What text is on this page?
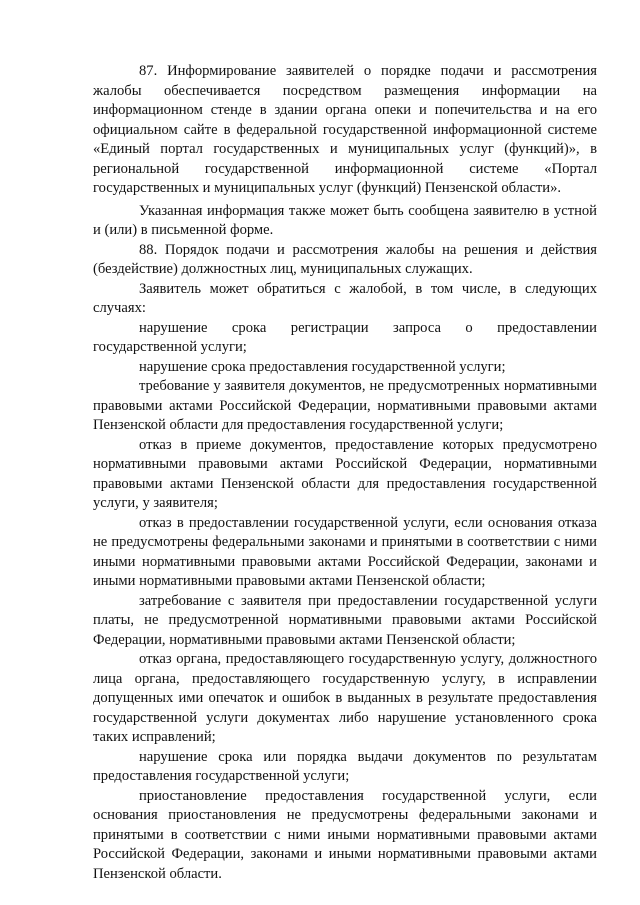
87. Информирование заявителей о порядке подачи и рассмотрения жалобы обеспечивается посредством размещения информации на информационном стенде в здании органа опеки и попечительства и на его официальном сайте в федеральной государственной информационной системе «Единый портал государственных и муниципальных услуг (функций)», в региональной государственной информационной системе «Портал государственных и муниципальных услуг (функций) Пензенской области».

Указанная информация также может быть сообщена заявителю в устной и (или) в письменной форме.

88. Порядок подачи и рассмотрения жалобы на решения и действия (бездействие) должностных лиц, муниципальных служащих.

Заявитель может обратиться с жалобой, в том числе, в следующих случаях:

нарушение срока регистрации запроса о предоставлении государственной услуги;

нарушение срока предоставления государственной услуги;

требование у заявителя документов, не предусмотренных нормативными правовыми актами Российской Федерации, нормативными правовыми актами Пензенской области для предоставления государственной услуги;

отказ в приеме документов, предоставление которых предусмотрено нормативными правовыми актами Российской Федерации, нормативными правовыми актами Пензенской области для предоставления государственной услуги, у заявителя;

отказ в предоставлении государственной услуги, если основания отказа не предусмотрены федеральными законами и принятыми в соответствии с ними иными нормативными правовыми актами Российской Федерации, законами и иными нормативными правовыми актами Пензенской области;

затребование с заявителя при предоставлении государственной услуги платы, не предусмотренной нормативными правовыми актами Российской Федерации, нормативными правовыми актами Пензенской области;

отказ органа, предоставляющего государственную услугу, должностного лица органа, предоставляющего государственную услугу, в исправлении допущенных ими опечаток и ошибок в выданных в результате предоставления государственной услуги документах либо нарушение установленного срока таких исправлений;

нарушение срока или порядка выдачи документов по результатам предоставления государственной услуги;

приостановление предоставления государственной услуги, если основания приостановления не предусмотрены федеральными законами и принятыми в соответствии с ними иными нормативными правовыми актами Российской Федерации, законами и иными нормативными правовыми актами Пензенской области.
